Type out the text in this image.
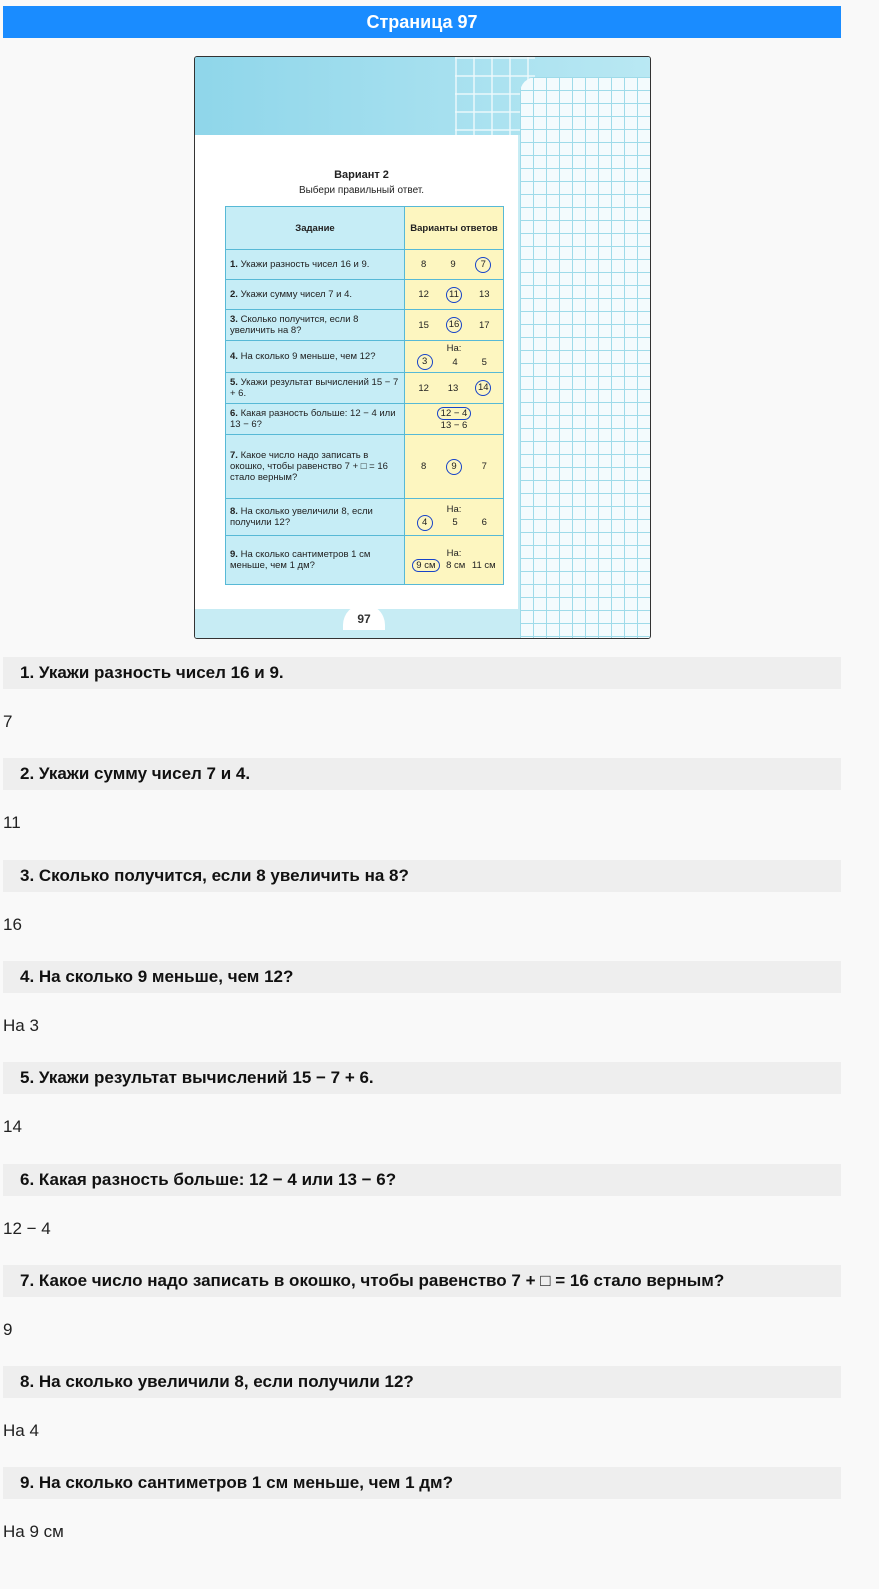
Страница 97
Вариант 2
Выбери правильный ответ.
Задание	Варианты ответов
1. Укажи разность чисел 16 и 9.	8 9 7

2. Укажи сумму чисел 7 и 4.	12 11 13

3. Сколько получится, если 8 увеличить на 8?	15 16 17

4. На сколько 9 меньше, чем 12?	На:
3 4 5

5. Укажи результат вычислений 15 − 7 + 6.	12 13 14

6. Какая разность больше: 12 − 4 или 13 − 6?	12 − 4
13 − 6

7. Какое число надо записать в окошко, чтобы равенство 7 + □ = 16 стало верным?	8 9 7

8. На сколько увеличили 8, если получили 12?	На:
4 5 6

9. На сколько сантиметров 1 см меньше, чем 1 дм?	На:
9 см 8 см 11 см
97
1. Укажи разность чисел 16 и 9.
7
2. Укажи сумму чисел 7 и 4.
11
3. Сколько получится, если 8 увеличить на 8?
16
4. На сколько 9 меньше, чем 12?
На 3
5. Укажи результат вычислений 15 − 7 + 6.
14
6. Какая разность больше: 12 − 4 или 13 − 6?
12 − 4
7. Какое число надо записать в окошко, чтобы равенство 7 + □ = 16 стало верным?
9
8. На сколько увеличили 8, если получили 12?
На 4
9. На сколько сантиметров 1 см меньше, чем 1 дм?
На 9 см
